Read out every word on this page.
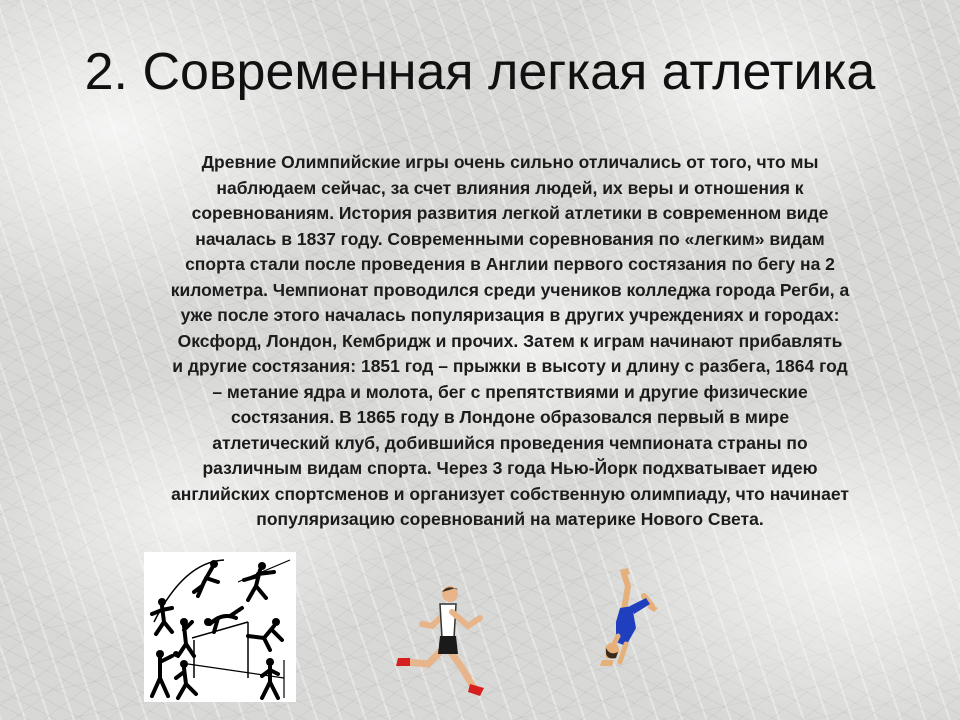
2. Современная легкая атлетика

Древние Олимпийские игры очень сильно отличались от того, что мы наблюдаем сейчас, за счет влияния людей, их веры и отношения к соревнованиям. История развития легкой атлетики в современном виде началась в 1837 году. Современными соревнования по «легким» видам спорта стали после проведения в Англии первого состязания по бегу на 2 километра. Чемпионат проводился среди учеников колледжа города Регби, а уже после этого началась популяризация в других учреждениях и городах: Оксфорд, Лондон, Кембридж и прочих. Затем к играм начинают прибавлять и другие состязания: 1851 год – прыжки в высоту и длину с разбега, 1864 год – метание ядра и молота, бег с препятствиями и другие физические состязания. В 1865 году в Лондоне образовался первый в мире атлетический клуб, добившийся проведения чемпионата страны по различным видам спорта. Через 3 года Нью-Йорк подхватывает идею английских спортсменов и организует собственную олимпиаду, что начинает популяризацию соревнований на материке Нового Света.
